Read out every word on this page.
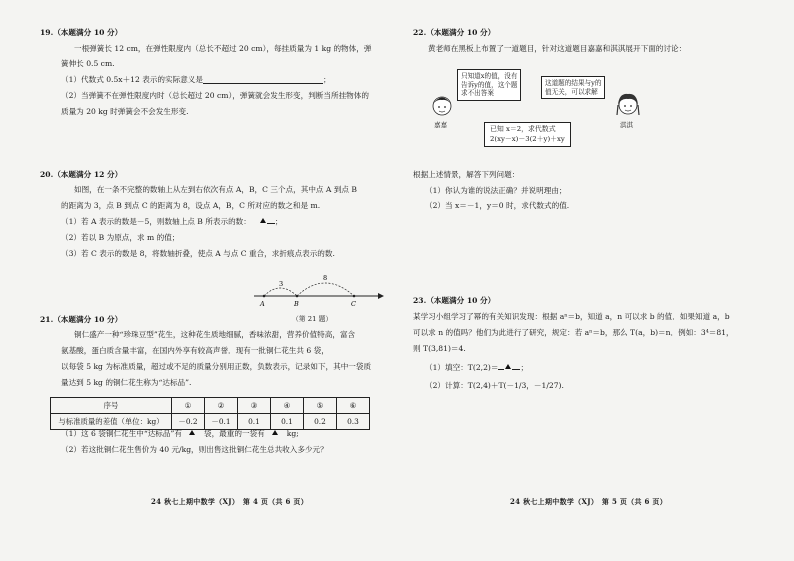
19.（本题满分 10 分）
一根弹簧长 12 cm，在弹性限度内（总长不超过 20 cm），每挂质量为 1 kg 的物体，弹
簧伸长 0.5 cm.
（1）代数式 0.5x＋12 表示的实际意义是	；
（2）当弹簧不在弹性限度内时（总长超过 20 cm），弹簧就会发生形变，判断当所挂物体的
质量为 20 kg 时弹簧会不会发生形变.
20.（本题满分 12 分）
如图，在一条不完整的数轴上从左到右依次有点 A，B，C 三个点，其中点 A 到点 B
的距离为 3，点 B 到点 C 的距离为 8，设点 A，B，C 所对应的数之和是 m.
（1）若 A 表示的数是－5，则数轴上点 B 所表示的数：	；
（2）若以 B 为原点，求 m 的值；
（3）若 C 表示的数是 8，将数轴折叠，使点 A 与点 C 重合，求折痕点表示的数.
3
8
A	B	C
（第 21 题）
21.（本题满分 10 分）
铜仁盛产一种“珍珠豆型”花生，这种花生质地细腻，香味浓甜，营养价值特高，富含
氨基酸，蛋白质含量丰富，在国内外享有较高声誉．现有一批铜仁花生共 6 袋，
以每袋 5 kg 为标准质量，超过或不足的质量分别用正数，负数表示，记录如下，其中一袋质
量达到 5 kg 的铜仁花生称为“达标品”.
序号	①	②	③	④	⑤	⑥
与标准质量的差值（单位：kg）	－0.2	－0.1	0.1	0.1	0.2	0.3
（1）这 6 袋铜仁花生中“达标品”有	袋，最重的一袋有	kg;
（2）若这批铜仁花生售价为 40 元/kg，则出售这批铜仁花生总共收入多少元？
24 秋七上期中数学（XJ）　第 4 页（共 6 页）
22.（本题满分 10 分）
黄老师在黑板上布置了一道题目，针对这道题目嘉嘉和淇淇展开下面的讨论：
嘉嘉
只知道x的值，没有
告诉y的值，这个题
求不出答案
这道题的结果与y的
值无关，可以求解
淇淇
已知 x＝2，求代数式
2(xy－x)－3(2＋y)＋xy
根据上述情景，解答下列问题：
（1）你认为谁的说法正确？并说明理由；
（2）当 x＝－1，y＝0 时，求代数式的值.
23.（本题满分 10 分）
某学习小组学习了幂的有关知识发现：根据 aⁿ＝b，知道 a，n 可以求 b 的值．如果知道 a，b
可以求 n 的值吗？他们为此进行了研究，规定：若 aⁿ＝b，那么 T(a，b)＝n．例如：3⁴＝81，
则 T(3,81)＝4.
（1）填空：T(2,2)＝	；
（2）计算：T(2,4)＋T(－1/3，－1/27).
24 秋七上期中数学（XJ）　第 5 页（共 6 页）
